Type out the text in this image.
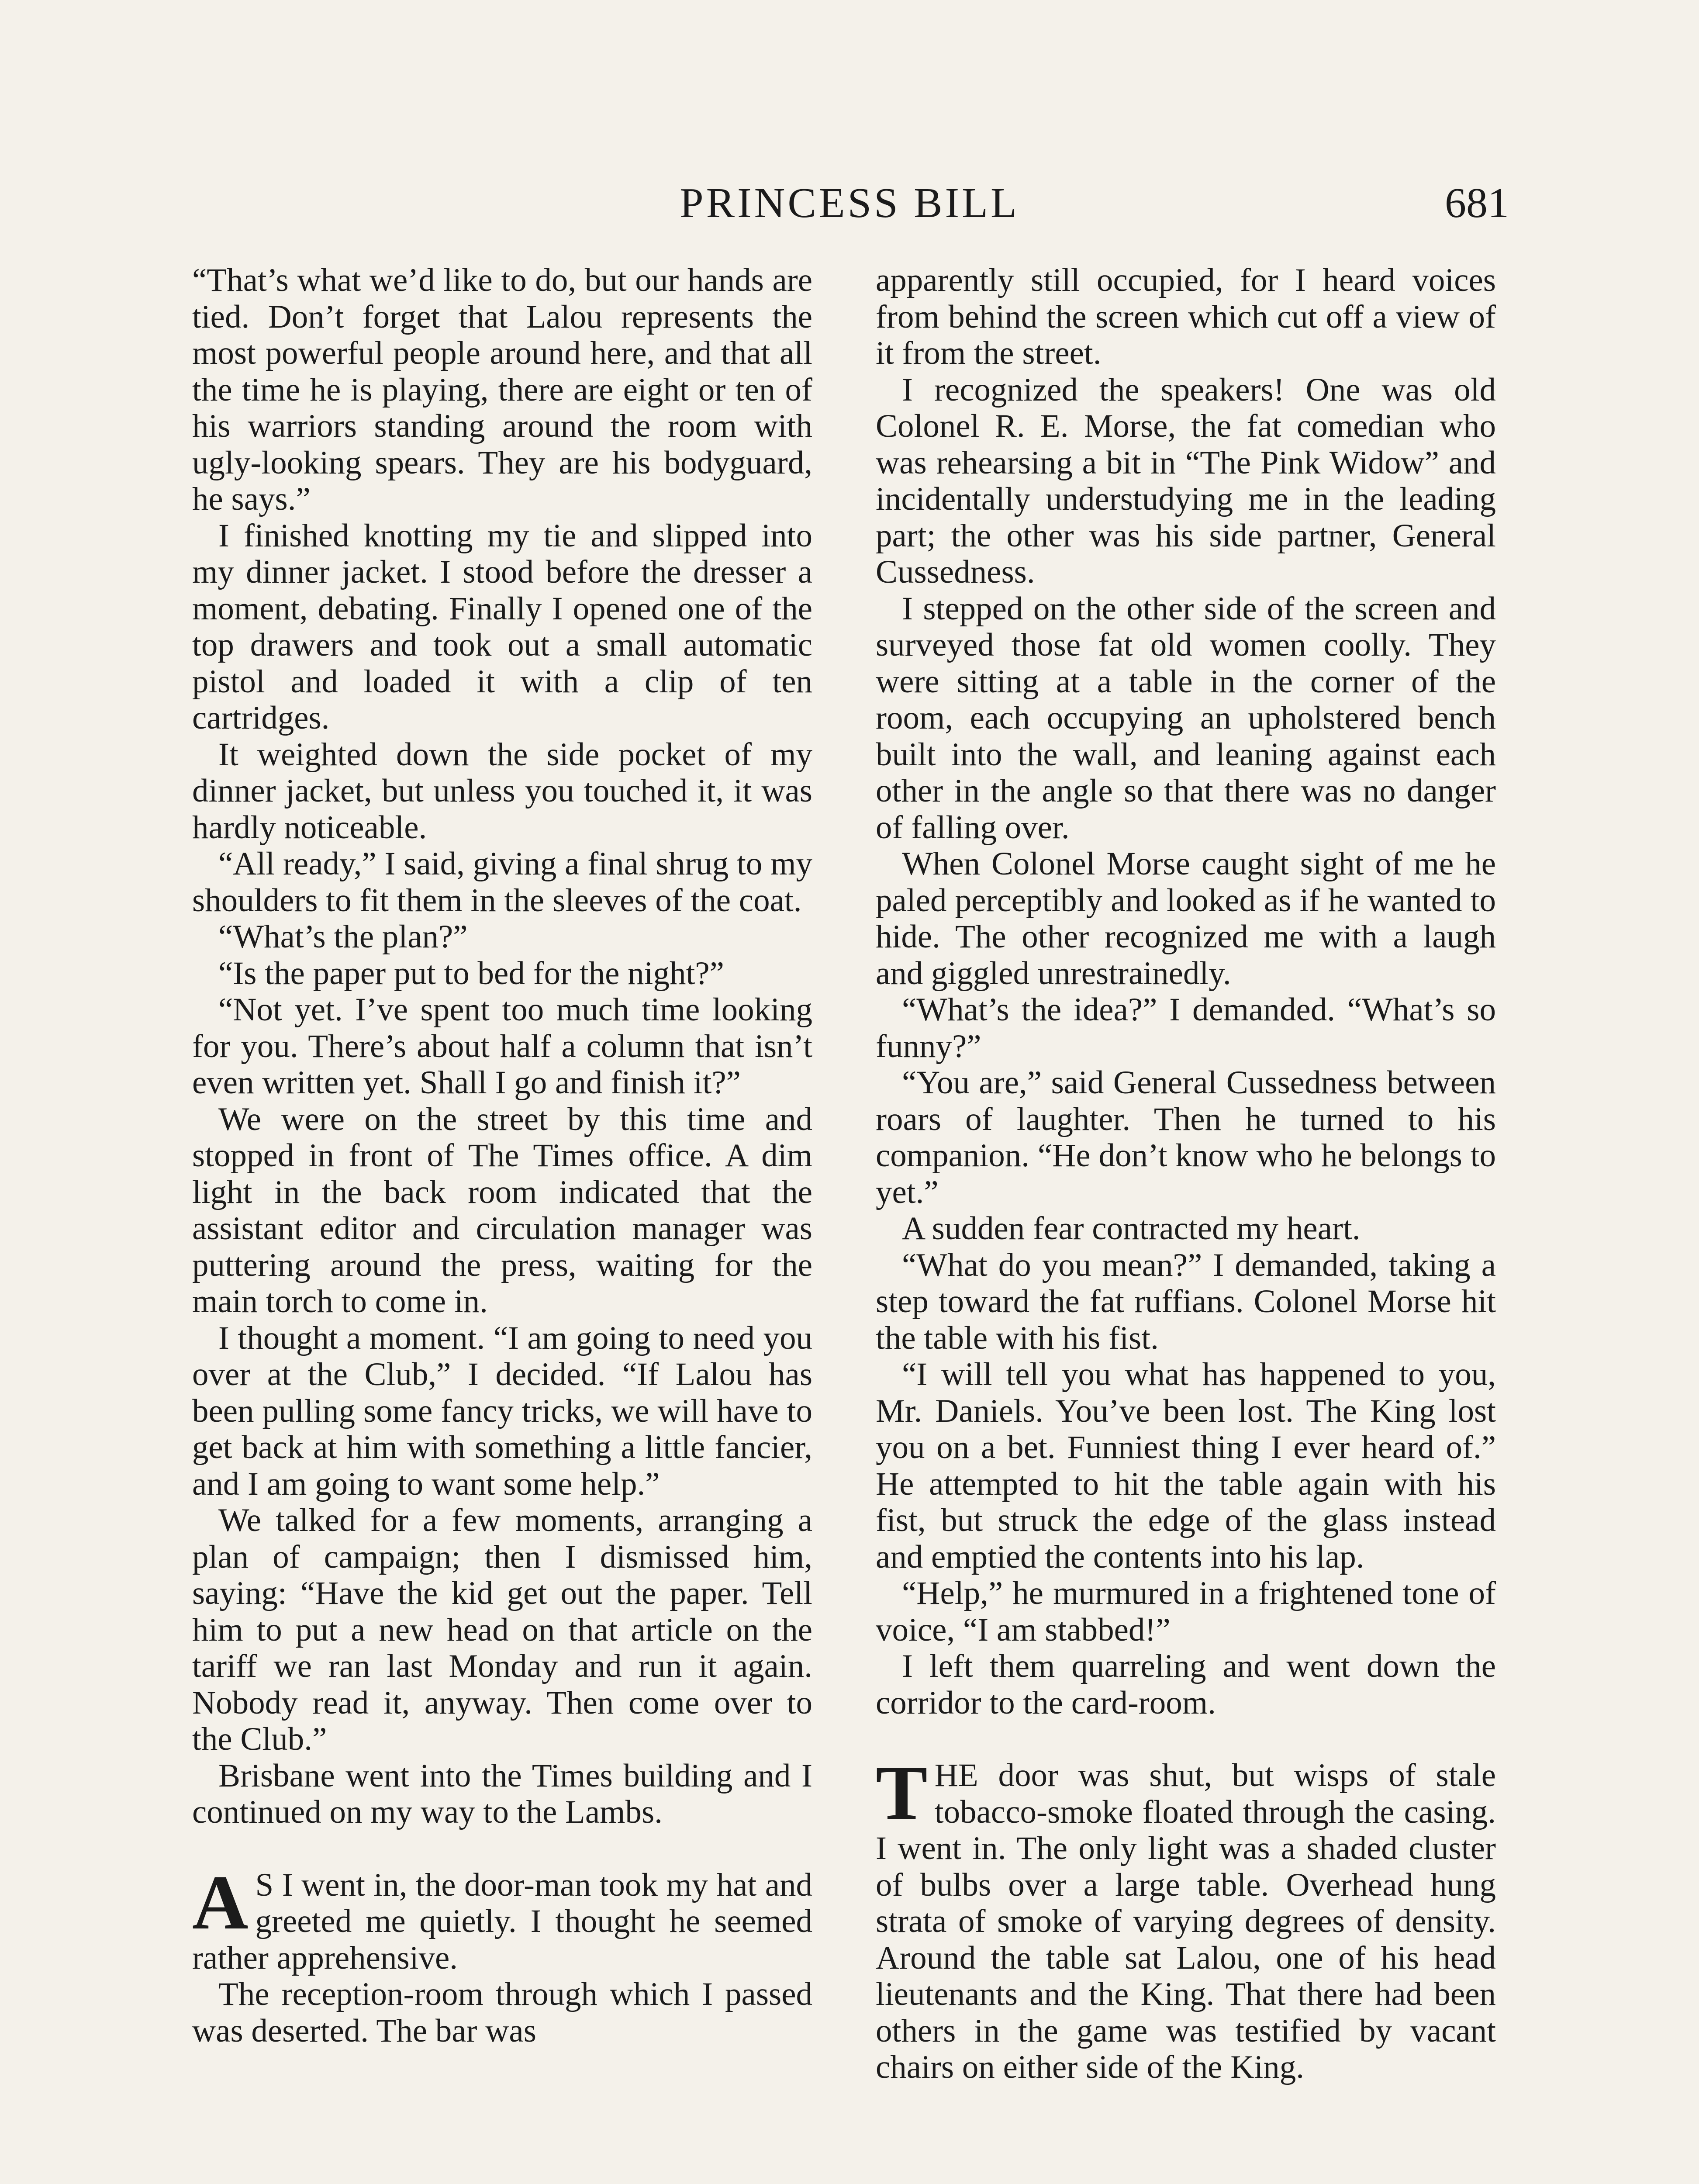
PRINCESS BILL	681

“That’s what we’d like to do, but our hands are tied. Don’t forget that Lalou represents the most powerful people around here, and that all the time he is playing, there are eight or ten of his warriors standing around the room with ugly-looking spears. They are his bodyguard, he says.”

I finished knotting my tie and slipped into my dinner jacket. I stood before the dresser a moment, debating. Finally I opened one of the top drawers and took out a small automatic pistol and loaded it with a clip of ten cartridges.

It weighted down the side pocket of my dinner jacket, but unless you touched it, it was hardly noticeable.

“All ready,” I said, giving a final shrug to my shoulders to fit them in the sleeves of the coat.

“What’s the plan?”

“Is the paper put to bed for the night?”

“Not yet. I’ve spent too much time looking for you. There’s about half a column that isn’t even written yet. Shall I go and finish it?”

We were on the street by this time and stopped in front of The Times office. A dim light in the back room indicated that the assistant editor and circulation manager was puttering around the press, waiting for the main torch to come in.

I thought a moment. “I am going to need you over at the Club,” I decided. “If Lalou has been pulling some fancy tricks, we will have to get back at him with something a little fancier, and I am going to want some help.”

We talked for a few moments, arranging a plan of campaign; then I dismissed him, saying: “Have the kid get out the paper. Tell him to put a new head on that article on the tariff we ran last Monday and run it again. Nobody read it, anyway. Then come over to the Club.”

Brisbane went into the Times building and I continued on my way to the Lambs.

A S I went in, the door-man took my hat and greeted me quietly. I thought he seemed rather apprehensive.

The reception-room through which I passed was deserted. The bar was

apparently still occupied, for I heard voices from behind the screen which cut off a view of it from the street.

I recognized the speakers! One was old Colonel R. E. Morse, the fat comedian who was rehearsing a bit in “The Pink Widow” and incidentally understudying me in the leading part; the other was his side partner, General Cussedness.

I stepped on the other side of the screen and surveyed those fat old women coolly. They were sitting at a table in the corner of the room, each occupying an upholstered bench built into the wall, and leaning against each other in the angle so that there was no danger of falling over.

When Colonel Morse caught sight of me he paled perceptibly and looked as if he wanted to hide. The other recognized me with a laugh and giggled unrestrainedly.

“What’s the idea?” I demanded. “What’s so funny?”

“You are,” said General Cussedness between roars of laughter. Then he turned to his companion. “He don’t know who he belongs to yet.”

A sudden fear contracted my heart.

“What do you mean?” I demanded, taking a step toward the fat ruffians. Colonel Morse hit the table with his fist.

“I will tell you what has happened to you, Mr. Daniels. You’ve been lost. The King lost you on a bet. Funniest thing I ever heard of.” He attempted to hit the table again with his fist, but struck the edge of the glass instead and emptied the contents into his lap.

“Help,” he murmured in a frightened tone of voice, “I am stabbed!”

I left them quarreling and went down the corridor to the card-room.

THE door was shut, but wisps of stale tobacco-smoke floated through the casing. I went in. The only light was a shaded cluster of bulbs over a large table. Overhead hung strata of smoke of varying degrees of density. Around the table sat Lalou, one of his head lieutenants and the King. That there had been others in the game was testified by vacant chairs on either side of the King.
